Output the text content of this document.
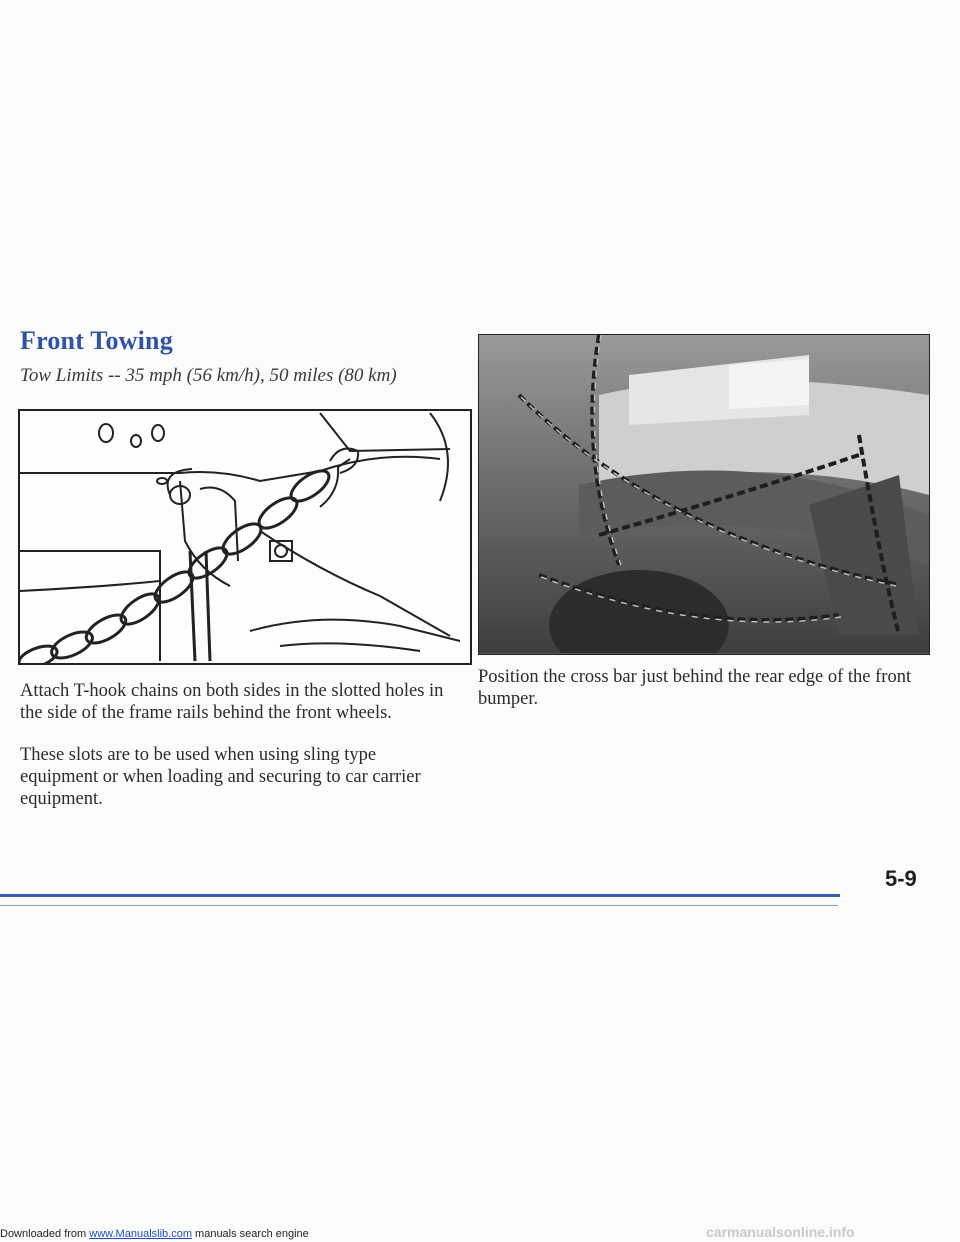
Front Towing
Tow Limits -- 35 mph (56 km/h), 50 miles (80 km)

Attach T-hook chains on both sides in the slotted holes in the side of the frame rails behind the front wheels.

These slots are to be used when using sling type equipment or when loading and securing to car carrier equipment.

Position the cross bar just behind the rear edge of the front bumper.

5-9
Downloaded from www.Manualslib.com manuals search engine	carmanualsonline.info
